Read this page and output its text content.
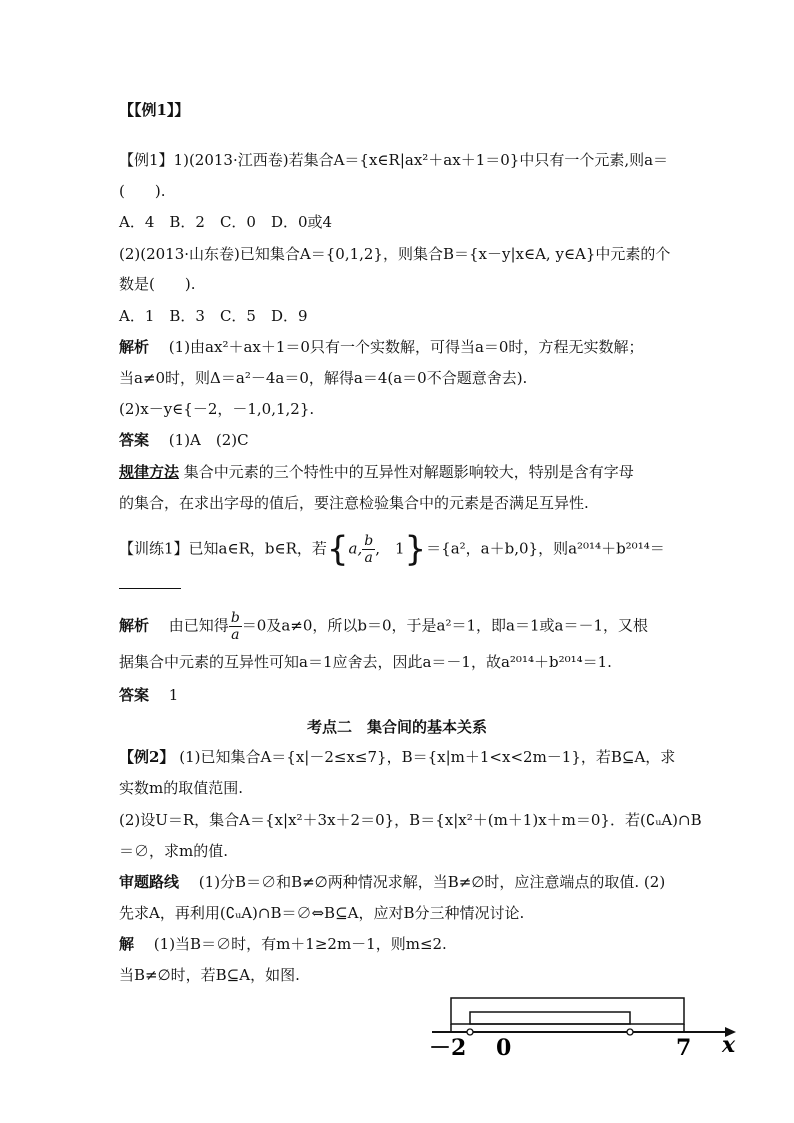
【【例1】】
【例1】1)(2013·江西卷)若集合A＝{x∈R|ax²＋ax＋1＝0}中只有一个元素,则a＝
(　　).
A．4　B．2　C．0　D．0或4
(2)(2013·山东卷)已知集合A＝{0,1,2}，则集合B＝{x－y|x∈A, y∈A}中元素的个
数是(　　).
A．1　B．3　C．5　D．9
解析　 (1)由ax²＋ax＋1＝0只有一个实数解，可得当a＝0时，方程无实数解；
当a≠0时，则Δ＝a²－4a＝0，解得a＝4(a＝0不合题意舍去).
(2)x－y∈{－2，－1,0,1,2}.
答案　 (1)A　(2)C
规律方法 集合中元素的三个特性中的互异性对解题影响较大，特别是含有字母
的集合，在求出字母的值后，要注意检验集合中的元素是否满足互异性.
【训练1】已知a∈R，b∈R，若{a, $\frac{b}{a}$ ,　1}＝{a²，a＋b,0}，则a²⁰¹⁴＋b²⁰¹⁴＝
解析　 由已知得 $\frac{b}{a} =0$及a≠0，所以b＝0，于是a²＝1，即a＝1或a＝－1，又根
据集合中元素的互异性可知a＝1应舍去，因此a＝－1，故a²⁰¹⁴＋b²⁰¹⁴＝1.
答案　 1
考点二　集合间的基本关系
【例2】 (1)已知集合A＝{x|－2≤x≤7}，B＝{x|m＋1<x<2m－1}，若B⊆A，求
实数m的取值范围.
(2)设U＝R，集合A＝{x|x²＋3x＋2＝0}，B＝{x|x²＋(m＋1)x＋m＝0}．若(∁ᵤA)∩B
＝∅，求m的值.
审题路线　 (1)分B＝∅和B≠∅两种情况求解，当B≠∅时，应注意端点的取值. (2)
先求A，再利用(∁ᵤA)∩B＝∅⇔B⊆A，应对B分三种情况讨论.
解　 (1)当B＝∅时，有m＋1≥2m－1，则m≤2.
当B≠∅时，若B⊆A，如图.
－2 0	7 x
